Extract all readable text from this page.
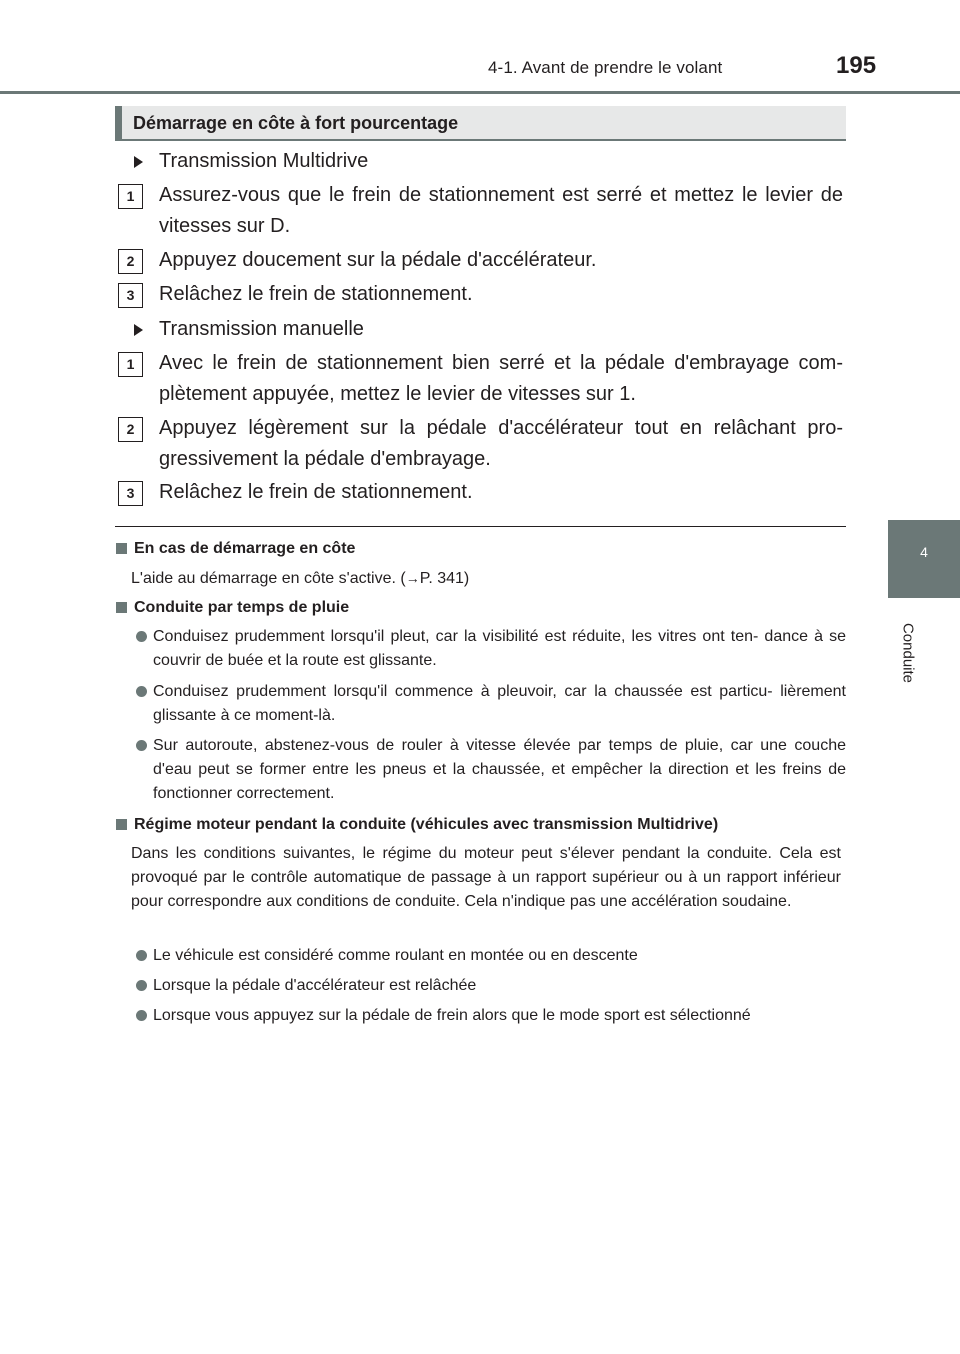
4-1. Avant de prendre le volant	195
4
Conduite
Démarrage en côte à fort pourcentage
Transmission Multidrive
1	Assurez-vous que le frein de stationnement est serré et mettez le levier de vitesses sur D.
2	Appuyez doucement sur la pédale d'accélérateur.
3	Relâchez le frein de stationnement.
Transmission manuelle
1	Avec le frein de stationnement bien serré et la pédale d'embrayage com- plètement appuyée, mettez le levier de vitesses sur 1.
2	Appuyez légèrement sur la pédale d'accélérateur tout en relâchant pro- gressivement la pédale d'embrayage.
3	Relâchez le frein de stationnement.
En cas de démarrage en côte
L'aide au démarrage en côte s'active. (→P. 341)
Conduite par temps de pluie
Conduisez prudemment lorsqu'il pleut, car la visibilité est réduite, les vitres ont ten- dance à se couvrir de buée et la route est glissante.
Conduisez prudemment lorsqu'il commence à pleuvoir, car la chaussée est particu- lièrement glissante à ce moment-là.
Sur autoroute, abstenez-vous de rouler à vitesse élevée par temps de pluie, car une couche d'eau peut se former entre les pneus et la chaussée, et empêcher la direction et les freins de fonctionner correctement.
Régime moteur pendant la conduite (véhicules avec transmission Multidrive)
Dans les conditions suivantes, le régime du moteur peut s'élever pendant la conduite. Cela est provoqué par le contrôle automatique de passage à un rapport supérieur ou à un rapport inférieur pour correspondre aux conditions de conduite. Cela n'indique pas une accélération soudaine.
Le véhicule est considéré comme roulant en montée ou en descente
Lorsque la pédale d'accélérateur est relâchée
Lorsque vous appuyez sur la pédale de frein alors que le mode sport est sélectionné
